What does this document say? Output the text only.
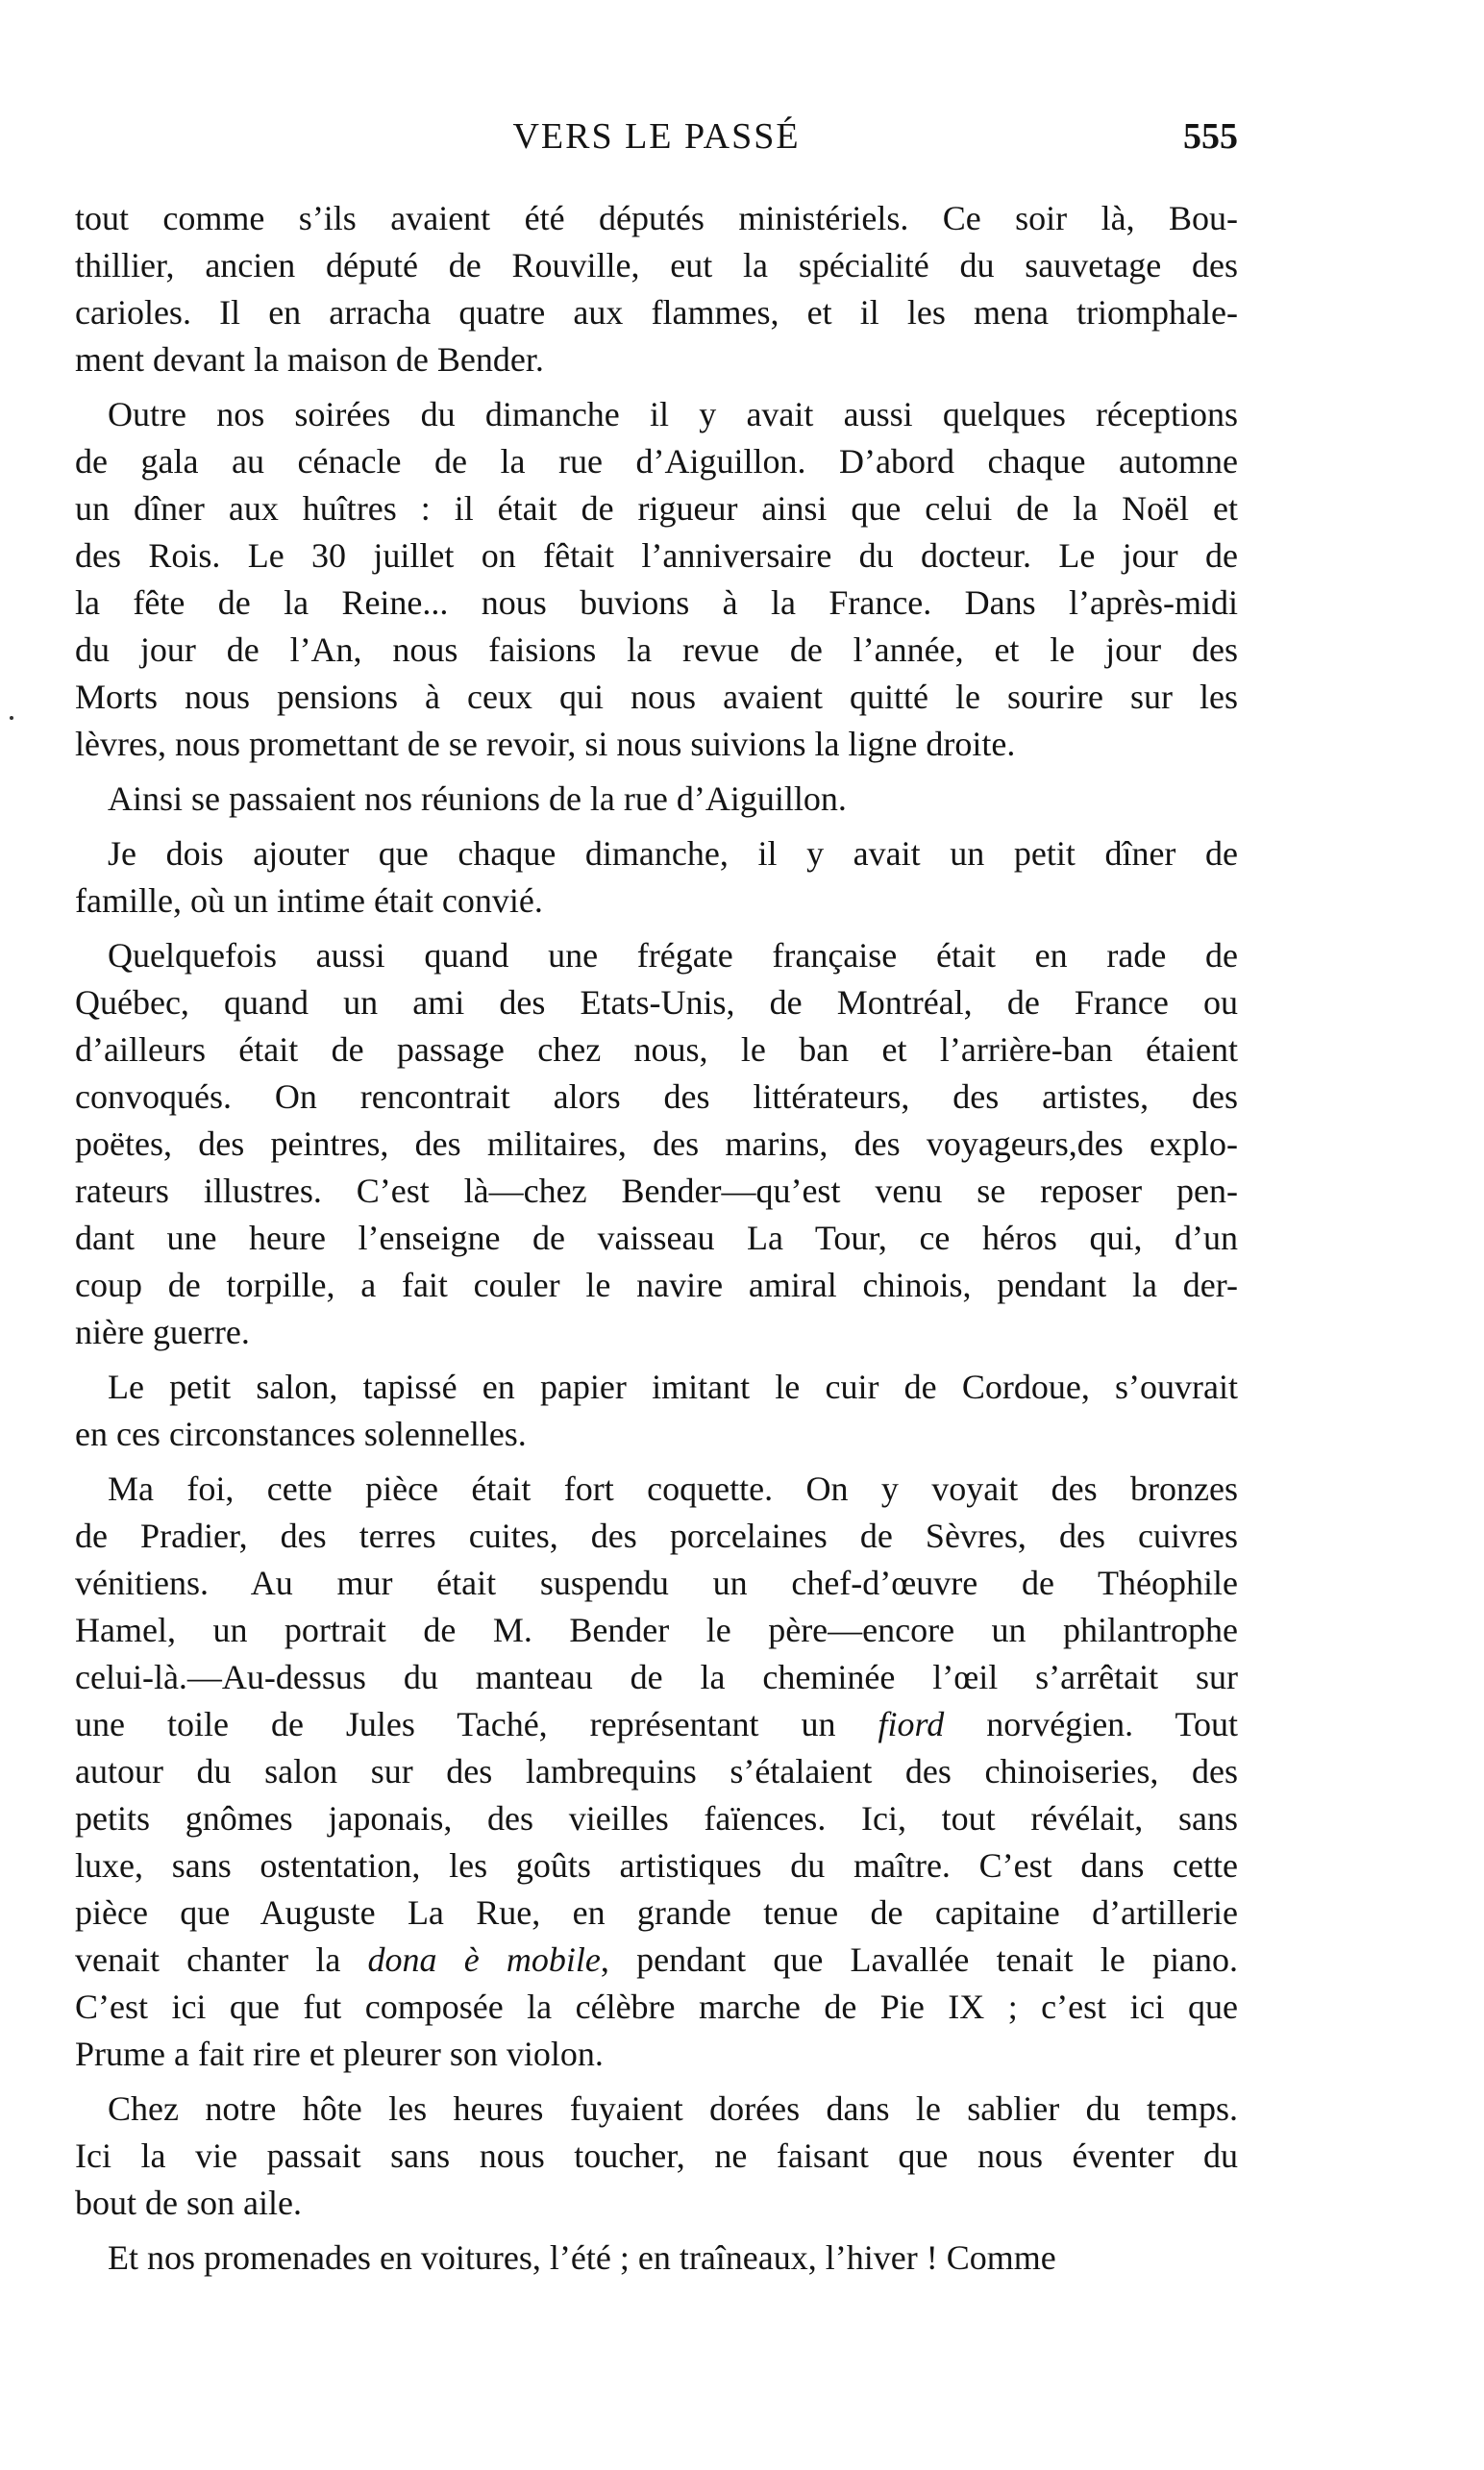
VERS LE PASSÉ	555
tout comme s’ils avaient été députés ministériels. Ce soir là, Bou-
thillier, ancien député de Rouville, eut la spécialité du sauvetage des
carioles. Il en arracha quatre aux flammes, et il les mena triomphale-
ment devant la maison de Bender.
Outre nos soirées du dimanche il y avait aussi quelques réceptions
de gala au cénacle de la rue d’Aiguillon. D’abord chaque automne
un dîner aux huîtres : il était de rigueur ainsi que celui de la Noël et
des Rois. Le 30 juillet on fêtait l’anniversaire du docteur. Le jour de
la fête de la Reine... nous buvions à la France. Dans l’après-midi
du jour de l’An, nous faisions la revue de l’année, et le jour des
Morts nous pensions à ceux qui nous avaient quitté le sourire sur les
lèvres, nous promettant de se revoir, si nous suivions la ligne droite.
Ainsi se passaient nos réunions de la rue d’Aiguillon.
Je dois ajouter que chaque dimanche, il y avait un petit dîner de
famille, où un intime était convié.
Quelquefois aussi quand une frégate française était en rade de
Québec, quand un ami des Etats-Unis, de Montréal, de France ou
d’ailleurs était de passage chez nous, le ban et l’arrière-ban étaient
convoqués. On rencontrait alors des littérateurs, des artistes, des
poëtes, des peintres, des militaires, des marins, des voyageurs,des explo-
rateurs illustres. C’est là—chez Bender—qu’est venu se reposer pen-
dant une heure l’enseigne de vaisseau La Tour, ce héros qui, d’un
coup de torpille, a fait couler le navire amiral chinois, pendant la der-
nière guerre.
Le petit salon, tapissé en papier imitant le cuir de Cordoue, s’ouvrait
en ces circonstances solennelles.
Ma foi, cette pièce était fort coquette. On y voyait des bronzes
de Pradier, des terres cuites, des porcelaines de Sèvres, des cuivres
vénitiens. Au mur était suspendu un chef-d’œuvre de Théophile
Hamel, un portrait de M. Bender le père—encore un philantrophe
celui-là.—Au-dessus du manteau de la cheminée l’œil s’arrêtait sur
une toile de Jules Taché, représentant un fiord norvégien. Tout
autour du salon sur des lambrequins s’étalaient des chinoiseries, des
petits gnômes japonais, des vieilles faïences. Ici, tout révélait, sans
luxe, sans ostentation, les goûts artistiques du maître. C’est dans cette
pièce que Auguste La Rue, en grande tenue de capitaine d’artillerie
venait chanter la dona è mobile, pendant que Lavallée tenait le piano.
C’est ici que fut composée la célèbre marche de Pie IX ; c’est ici que
Prume a fait rire et pleurer son violon.
Chez notre hôte les heures fuyaient dorées dans le sablier du temps.
Ici la vie passait sans nous toucher, ne faisant que nous éventer du
bout de son aile.
Et nos promenades en voitures, l’été ; en traîneaux, l’hiver ! Comme
